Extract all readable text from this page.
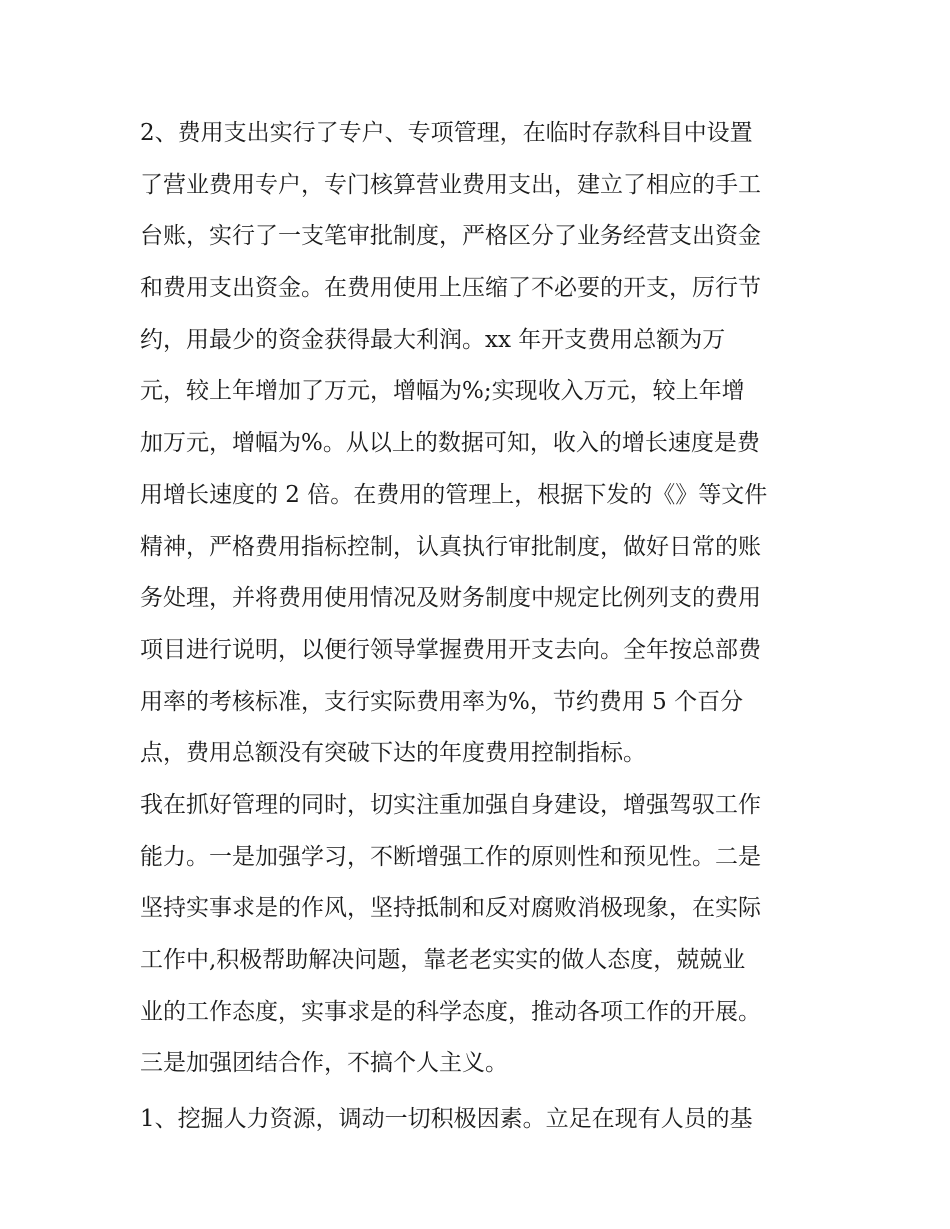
2、费用支出实行了专户、专项管理，在临时存款科目中设置
了营业费用专户，专门核算营业费用支出，建立了相应的手工
台账，实行了一支笔审批制度，严格区分了业务经营支出资金
和费用支出资金。在费用使用上压缩了不必要的开支，厉行节
约，用最少的资金获得最大利润。xx 年开支费用总额为万
元，较上年增加了万元，增幅为%;实现收入万元，较上年增
加万元，增幅为%。从以上的数据可知，收入的增长速度是费
用增长速度的 2 倍。在费用的管理上，根据下发的《》等文件
精神，严格费用指标控制，认真执行审批制度，做好日常的账
务处理，并将费用使用情况及财务制度中规定比例列支的费用
项目进行说明，以便行领导掌握费用开支去向。全年按总部费
用率的考核标准，支行实际费用率为%，节约费用 5 个百分
点，费用总额没有突破下达的年度费用控制指标。
我在抓好管理的同时，切实注重加强自身建设，增强驾驭工作
能力。一是加强学习，不断增强工作的原则性和预见性。二是
坚持实事求是的作风，坚持抵制和反对腐败消极现象，在实际
工作中,积极帮助解决问题，靠老老实实的做人态度，兢兢业
业的工作态度，实事求是的科学态度，推动各项工作的开展。
三是加强团结合作，不搞个人主义。
1、挖掘人力资源，调动一切积极因素。立足在现有人员的基
